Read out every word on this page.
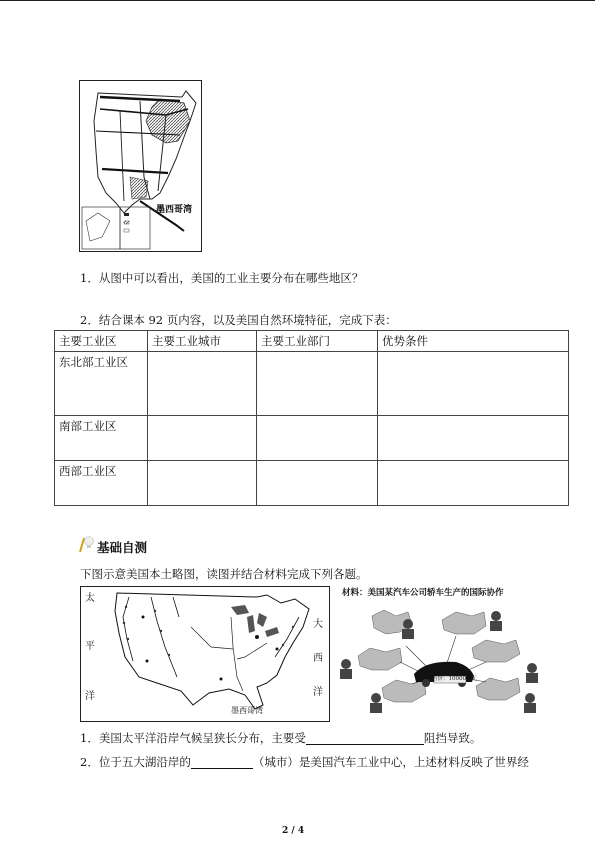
墨西哥湾
1．从图中可以看出，美国的工业主要分布在哪些地区？
2．结合课本 92 页内容，以及美国自然环境特征，完成下表：
主要工业区	主要工业城市	主要工业部门	优势条件
东北部工业区			
南部工业区			
西部工业区			
基础自测
下图示意美国本土略图，读图并结合材料完成下列各题。
太
平
洋
大
西
洋
墨西哥湾
材料：美国某汽车公司轿车生产的国际协作
售价：10000美元
1．美国太平洋沿岸气候呈狭长分布，主要受	阻挡导致。
2．位于五大湖沿岸的	（城市）是美国汽车工业中心，上述材料反映了世界经
2 / 4
